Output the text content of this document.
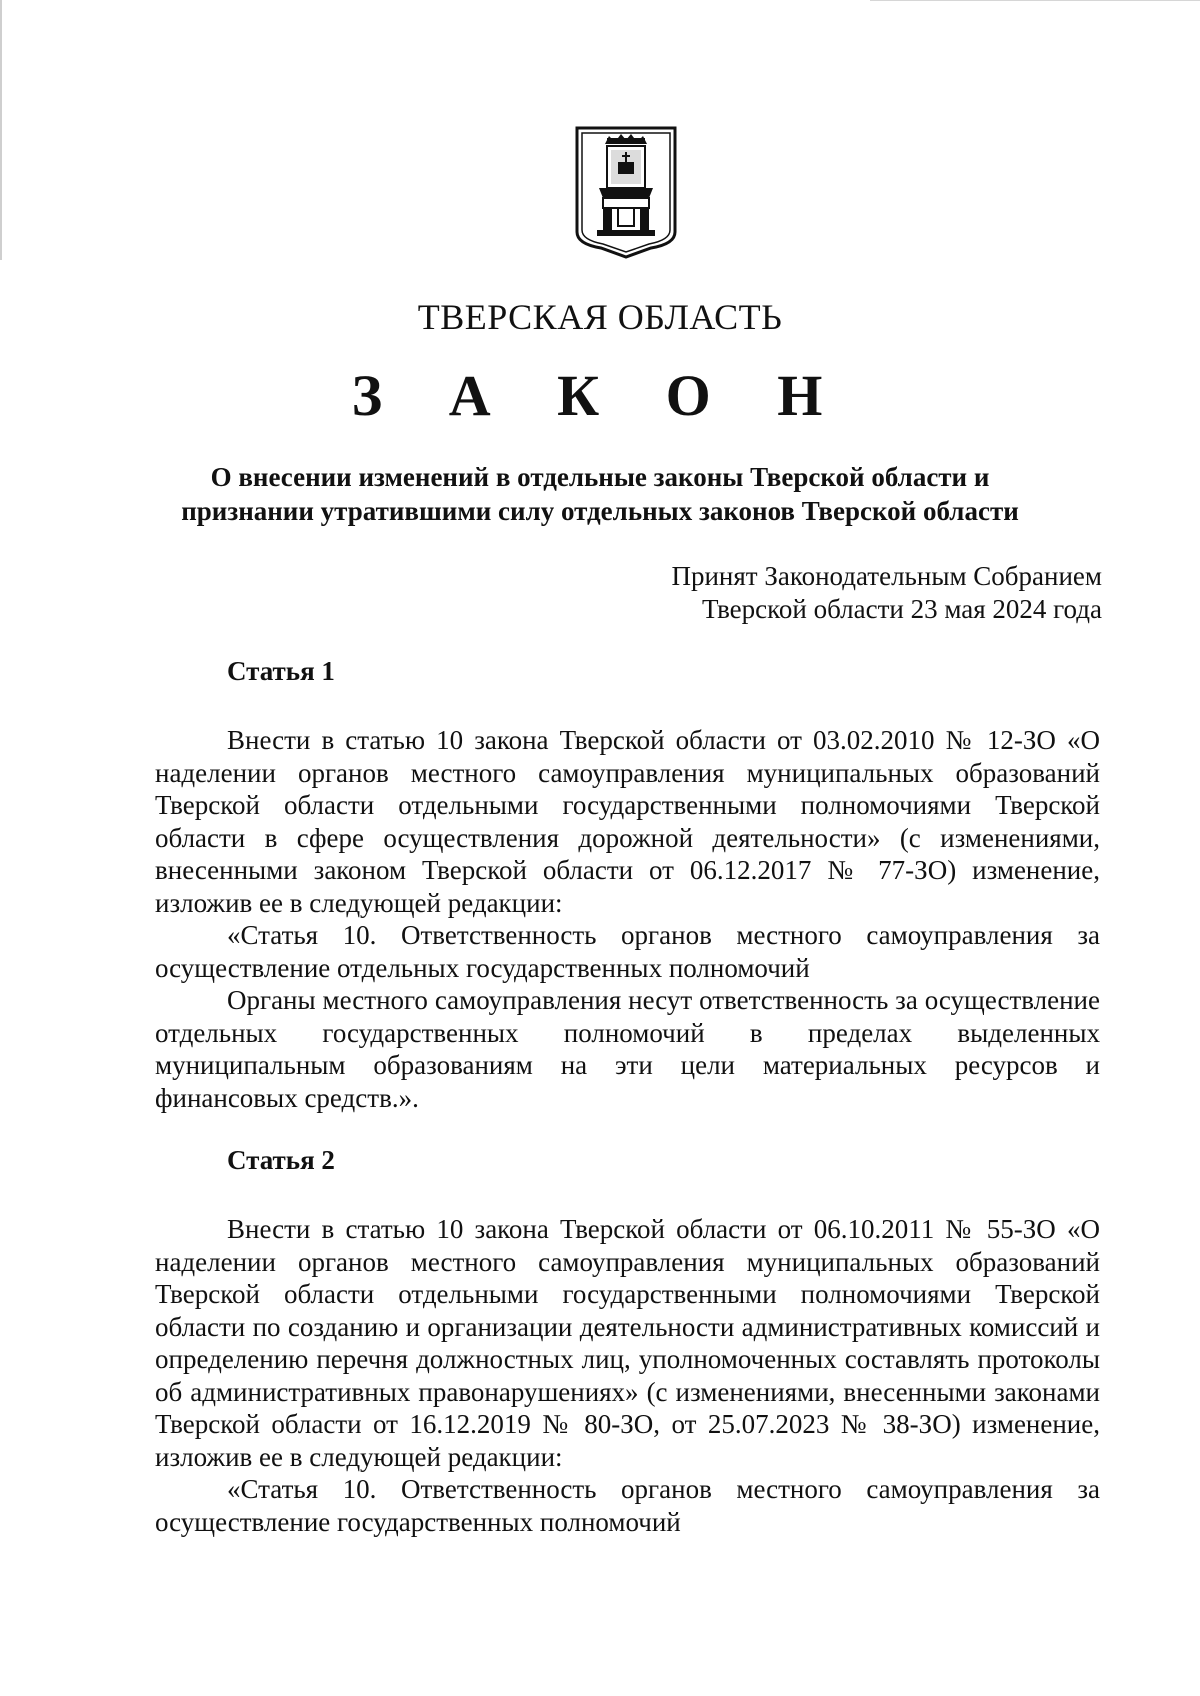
ТВЕРСКАЯ ОБЛАСТЬ
З А К О Н
О внесении изменений в отдельные законы Тверской области и
признании утратившими силу отдельных законов Тверской области
Принят Законодательным Собранием
Тверской области 23 мая 2024 года
Статья 1

Внести в статью 10 закона Тверской области от 03.02.2010 № 12-ЗО «О наделении органов местного самоуправления муниципальных образований Тверской области отдельными государственными полномочиями Тверской области в сфере осуществления дорожной деятельности» (с изменениями, внесенными законом Тверской области от 06.12.2017 № 77-ЗО) изменение, изложив ее в следующей редакции:

«Статья 10. Ответственность органов местного самоуправления за осуществление отдельных государственных полномочий

Органы местного самоуправления несут ответственность за осуществление отдельных государственных полномочий в пределах выделенных муниципальным образованиям на эти цели материальных ресурсов и финансовых средств.».

Статья 2

Внести в статью 10 закона Тверской области от 06.10.2011 № 55-ЗО «О наделении органов местного самоуправления муниципальных образований Тверской области отдельными государственными полномочиями Тверской области по созданию и организации деятельности административных комиссий и определению перечня должностных лиц, уполномоченных составлять протоколы об административных правонарушениях» (с изменениями, внесенными законами Тверской области от 16.12.2019 № 80-ЗО, от 25.07.2023 № 38-ЗО) изменение, изложив ее в следующей редакции:

«Статья 10. Ответственность органов местного самоуправления за осуществление государственных полномочий
